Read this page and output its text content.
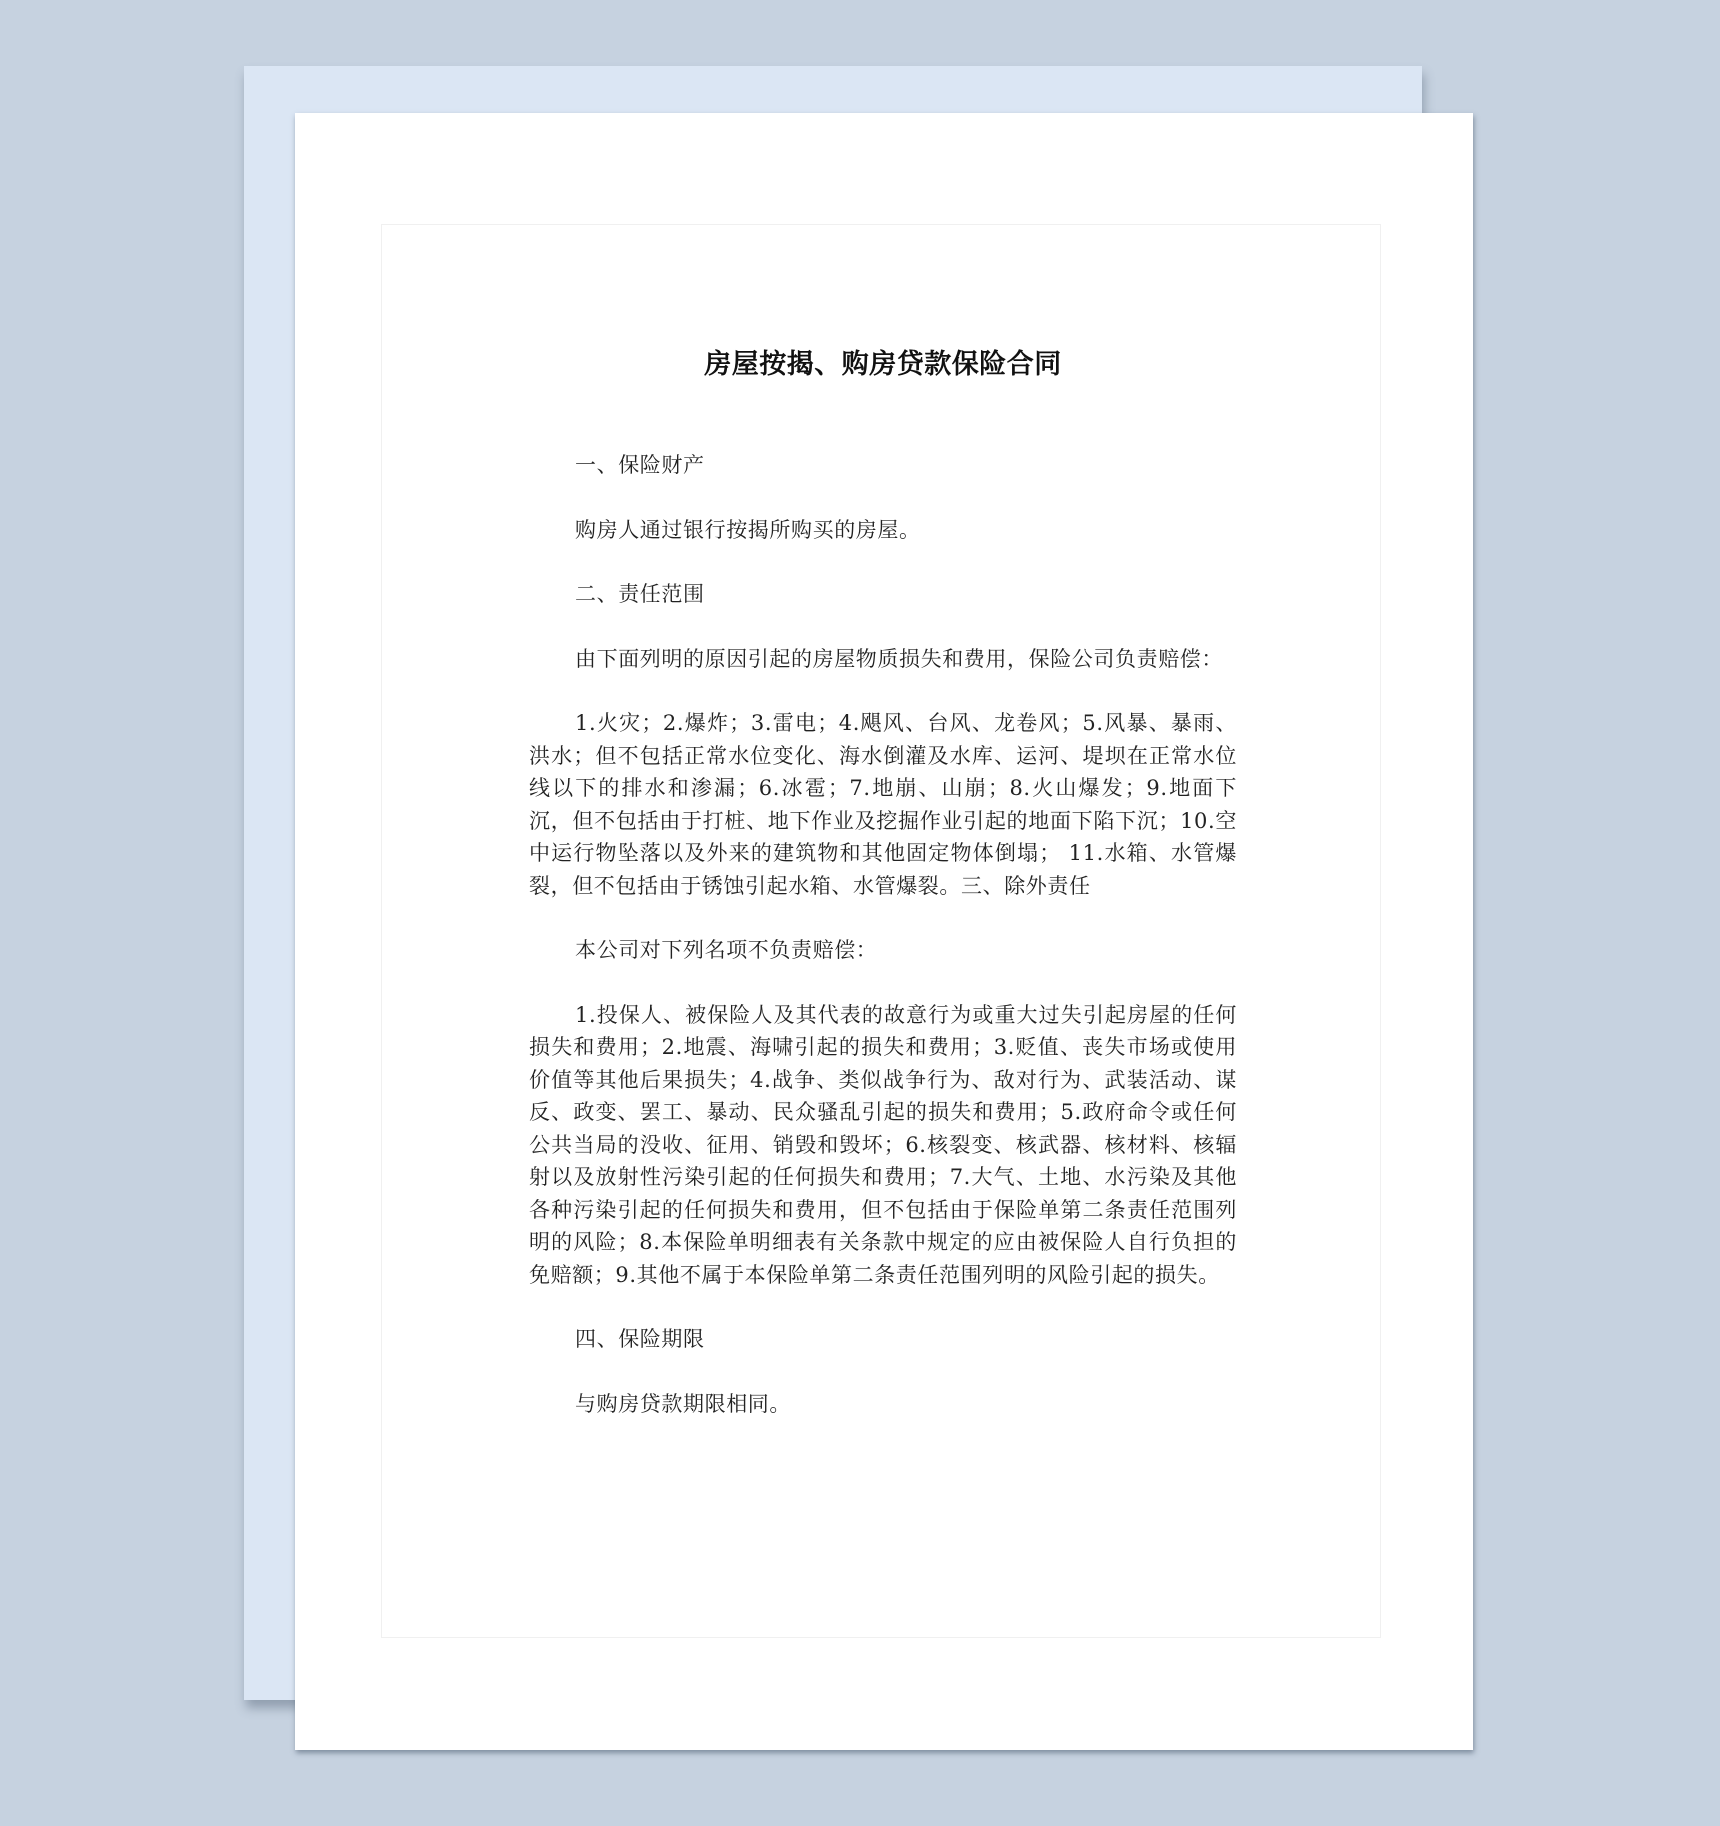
房屋按揭、购房贷款保险合同

一、保险财产

购房人通过银行按揭所购买的房屋。

二、责任范围

由下面列明的原因引起的房屋物质损失和费用，保险公司负责赔偿：

1.火灾；2.爆炸；3.雷电；4.飓风、台风、龙卷风；5.风暴、暴雨、洪水；但不包括正常水位变化、海水倒灌及水库、运河、堤坝在正常水位线以下的排水和渗漏；6.冰雹；7.地崩、山崩；8.火山爆发；9.地面下沉，但不包括由于打桩、地下作业及挖掘作业引起的地面下陷下沉；10.空中运行物坠落以及外来的建筑物和其他固定物体倒塌； 11.水箱、水管爆裂，但不包括由于锈蚀引起水箱、水管爆裂。三、除外责任

本公司对下列名项不负责赔偿：

1.投保人、被保险人及其代表的故意行为或重大过失引起房屋的任何损失和费用；2.地震、海啸引起的损失和费用；3.贬值、丧失市场或使用价值等其他后果损失；4.战争、类似战争行为、敌对行为、武装活动、谋反、政变、罢工、暴动、民众骚乱引起的损失和费用；5.政府命令或任何公共当局的没收、征用、销毁和毁坏；6.核裂变、核武器、核材料、核辐射以及放射性污染引起的任何损失和费用；7.大气、土地、水污染及其他各种污染引起的任何损失和费用，但不包括由于保险单第二条责任范围列明的风险；8.本保险单明细表有关条款中规定的应由被保险人自行负担的免赔额；9.其他不属于本保险单第二条责任范围列明的风险引起的损失。

四、保险期限

与购房贷款期限相同。
